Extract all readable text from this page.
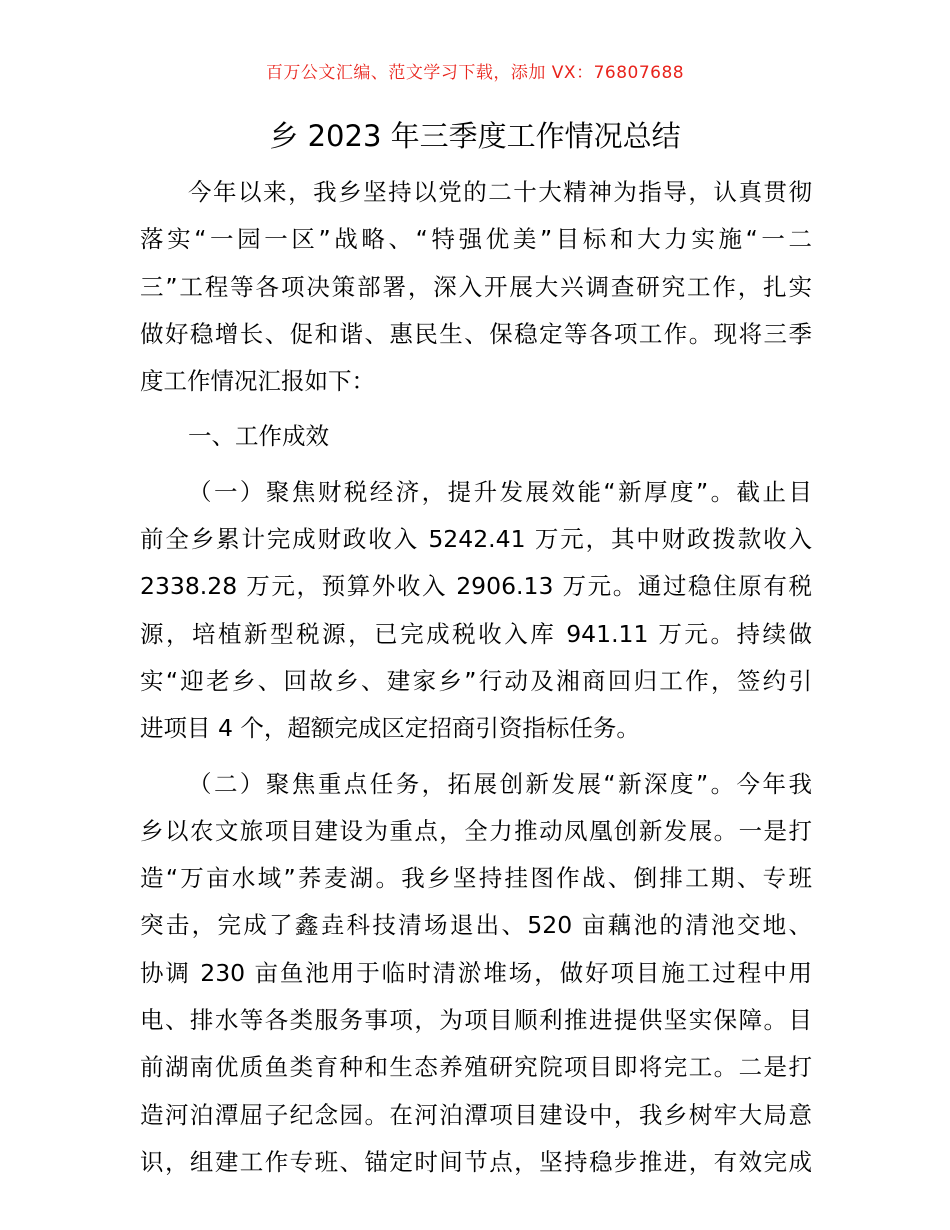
百万公文汇编、范文学习下载，添加 VX：76807688
乡 2023 年三季度工作情况总结
今年以来，我乡坚持以党的二十大精神为指导，认真贯彻
落实“一园一区”战略、“特强优美”目标和大力实施“一二
三”工程等各项决策部署，深入开展大兴调查研究工作，扎实
做好稳增长、促和谐、惠民生、保稳定等各项工作。现将三季
度工作情况汇报如下：
一、工作成效
（一）聚焦财税经济，提升发展效能“新厚度”。截止目
前全乡累计完成财政收入 5242.41 万元，其中财政拨款收入
2338.28 万元，预算外收入 2906.13 万元。通过稳住原有税
源，培植新型税源，已完成税收入库 941.11 万元。持续做
实“迎老乡、回故乡、建家乡”行动及湘商回归工作，签约引
进项目 4 个，超额完成区定招商引资指标任务。
（二）聚焦重点任务，拓展创新发展“新深度”。今年我
乡以农文旅项目建设为重点，全力推动凤凰创新发展。一是打
造“万亩水域”荞麦湖。我乡坚持挂图作战、倒排工期、专班
突击，完成了鑫垚科技清场退出、520 亩藕池的清池交地、
协调 230 亩鱼池用于临时清淤堆场，做好项目施工过程中用
电、排水等各类服务事项，为项目顺利推进提供坚实保障。目
前湖南优质鱼类育种和生态养殖研究院项目即将完工。二是打
造河泊潭屈子纪念园。在河泊潭项目建设中，我乡树牢大局意
识，组建工作专班、锚定时间节点，坚持稳步推进，有效完成
